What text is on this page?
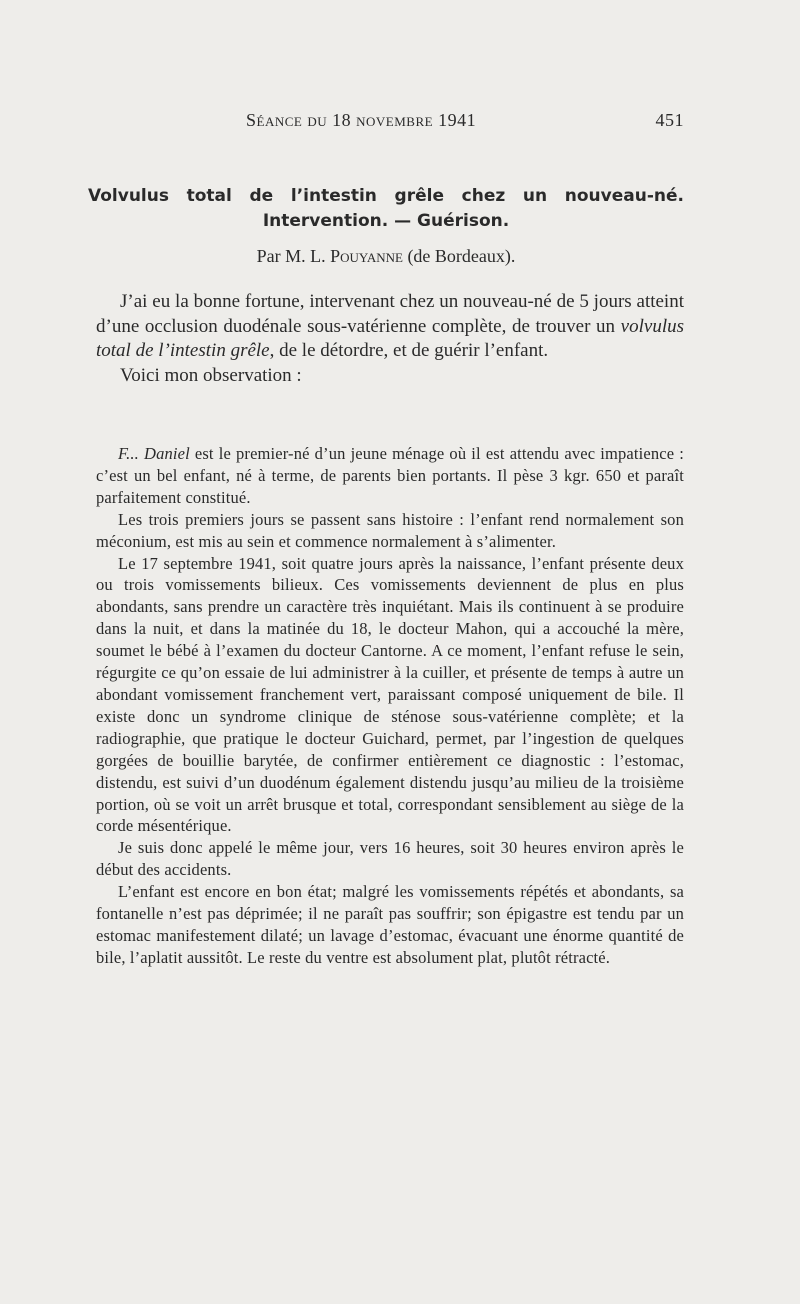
Séance du 18 novembre 1941	451
Volvulus total de l’intestin grêle chez un nouveau-né.
Intervention. — Guérison.
Par M. L. Pouyanne (de Bordeaux).

J’ai eu la bonne fortune, intervenant chez un nouveau-né de 5 jours atteint d’une occlusion duodénale sous-vatérienne complète, de trouver un volvulus total de l’intestin grêle, de le détordre, et de guérir l’enfant.

Voici mon observation :

F... Daniel est le premier-né d’un jeune ménage où il est attendu avec impatience : c’est un bel enfant, né à terme, de parents bien portants. Il pèse 3 kgr. 650 et paraît parfaitement constitué.

Les trois premiers jours se passent sans histoire : l’enfant rend normalement son méconium, est mis au sein et commence normalement à s’alimenter.

Le 17 septembre 1941, soit quatre jours après la naissance, l’enfant présente deux ou trois vomissements bilieux. Ces vomissements deviennent de plus en plus abondants, sans prendre un caractère très inquiétant. Mais ils continuent à se produire dans la nuit, et dans la matinée du 18, le docteur Mahon, qui a accouché la mère, soumet le bébé à l’examen du docteur Cantorne. A ce moment, l’enfant refuse le sein, régurgite ce qu’on essaie de lui administrer à la cuiller, et présente de temps à autre un abondant vomissement franchement vert, paraissant composé uniquement de bile. Il existe donc un syndrome clinique de sténose sous-vatérienne complète; et la radiographie, que pratique le docteur Guichard, permet, par l’ingestion de quelques gorgées de bouillie barytée, de confirmer entièrement ce diagnostic : l’estomac, distendu, est suivi d’un duodénum également distendu jusqu’au milieu de la troisième portion, où se voit un arrêt brusque et total, correspondant sensiblement au siège de la corde mésentérique.

Je suis donc appelé le même jour, vers 16 heures, soit 30 heures environ après le début des accidents.

L’enfant est encore en bon état; malgré les vomissements répétés et abondants, sa fontanelle n’est pas déprimée; il ne paraît pas souffrir; son épigastre est tendu par un estomac manifestement dilaté; un lavage d’estomac, évacuant une énorme quantité de bile, l’aplatit aussitôt. Le reste du ventre est absolument plat, plutôt rétracté.
